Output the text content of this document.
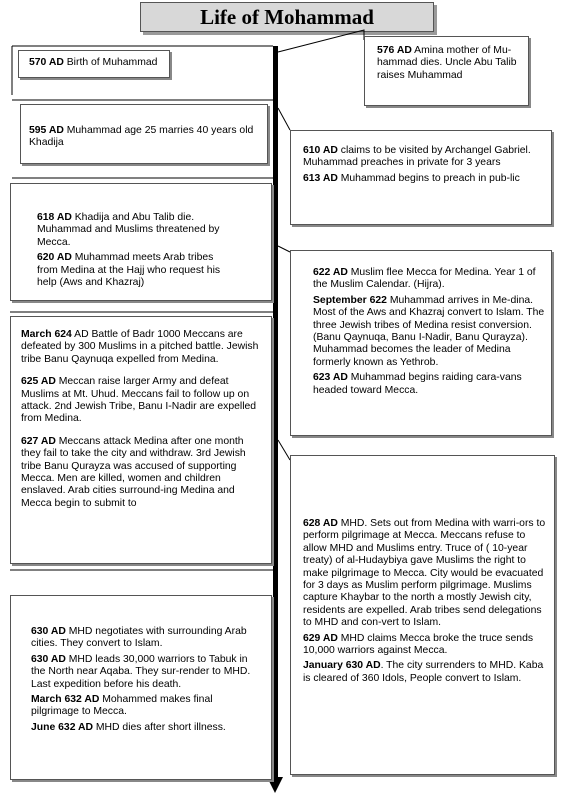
Life of Mohammad

570 AD Birth of Muhammad

576 AD Amina mother of Mu-hammad dies. Uncle Abu Talib raises Muhammad

595 AD Muhammad age 25 marries 40 years old Khadija

610 AD claims to be visited by Archangel Gabriel. Muhammad preaches in private for 3 years

613 AD Muhammad begins to preach in pub-lic

618 AD Khadija and Abu Talib die. Muhammad and Muslims threatened by Mecca.

620 AD Muhammad meets Arab tribes from Medina at the Hajj who request his help (Aws and Khazraj)

622 AD Muslim flee Mecca for Medina. Year 1 of the Muslim Calendar. (Hijra).

September 622 Muhammad arrives in Me-dina. Most of the Aws and Khazraj convert to Islam. The three Jewish tribes of Medina resist conversion. (Banu Qaynuqa, Banu I-Nadir, Banu Qurayza). Muhammad becomes the leader of Medina formerly known as Yethrob.

623 AD Muhammad begins raiding cara-vans headed toward Mecca.

March 624 AD Battle of Badr 1000 Meccans are defeated by 300 Muslims in a pitched battle. Jewish tribe Banu Qaynuqa expelled from Medina.

625 AD Meccan raise larger Army and defeat Muslims at Mt. Uhud. Meccans fail to follow up on attack. 2nd Jewish Tribe, Banu I-Nadir are expelled from Medina.

627 AD Meccans attack Medina after one month they fail to take the city and withdraw. 3rd Jewish tribe Banu Qurayza was accused of supporting Mecca. Men are killed, women and children enslaved. Arab cities surround-ing Medina and Mecca begin to submit to

628 AD MHD. Sets out from Medina with warri-ors to perform pilgrimage at Mecca. Meccans refuse to allow MHD and Muslims entry. Truce of ( 10-year treaty) of al-Hudaybiya gave Muslims the right to make pilgrimage to Mecca. City would be evacuated for 3 days as Muslim perform pilgrimage. Muslims capture Khaybar to the north a mostly Jewish city, residents are expelled. Arab tribes send delegations to MHD and con-vert to Islam.

629 AD MHD claims Mecca broke the truce sends 10,000 warriors against Mecca.

January 630 AD. The city surrenders to MHD. Kaba is cleared of 360 Idols, People convert to Islam.

630 AD MHD negotiates with surrounding Arab cities. They convert to Islam.

630 AD MHD leads 30,000 warriors to Tabuk in the North near Aqaba. They sur-render to MHD. Last expedition before his death.

March 632 AD Mohammed makes final pilgrimage to Mecca.

June 632 AD MHD dies after short illness.
